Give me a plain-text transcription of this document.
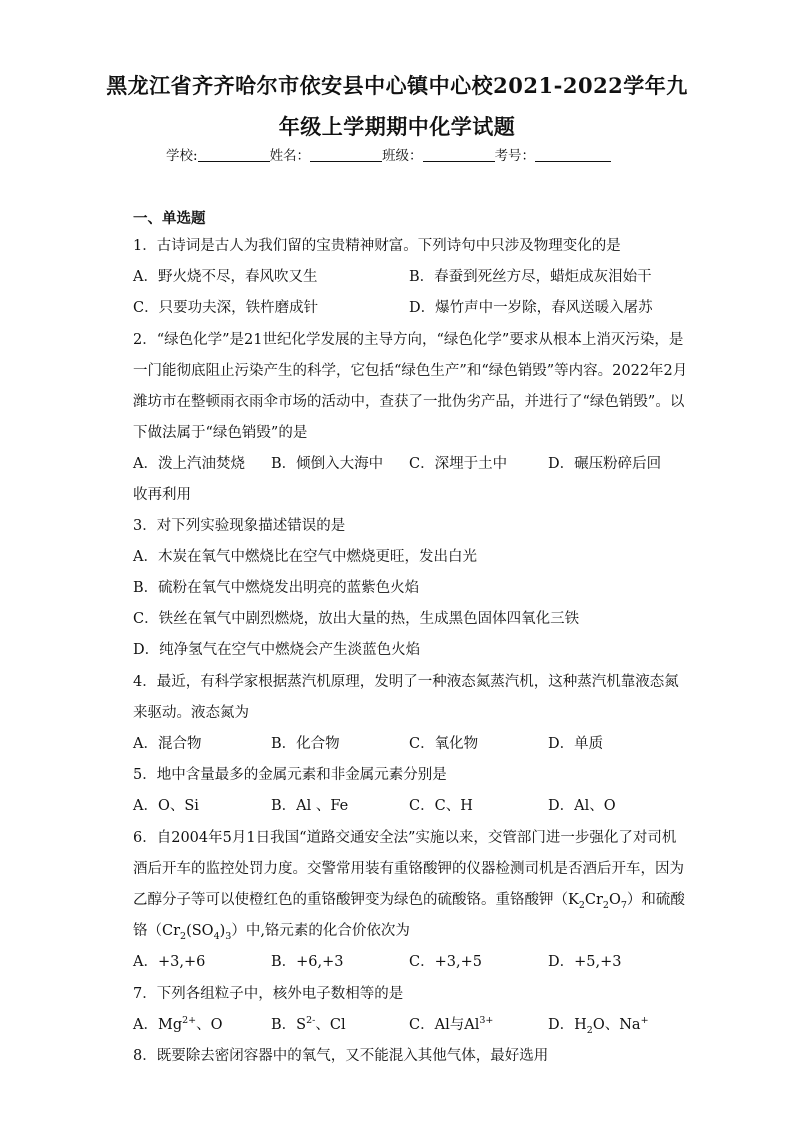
黑龙江省齐齐哈尔市依安县中心镇中心校2021-2022学年九
年级上学期期中化学试题
学校:	姓名：	班级：	考号：
一、单选题
1．古诗词是古人为我们留的宝贵精神财富。下列诗句中只涉及物理变化的是
A．野火烧不尽，春风吹又生	B．春蚕到死丝方尽，蜡炬成灰泪始干
C．只要功夫深，铁杵磨成针	D．爆竹声中一岁除，春风送暖入屠苏
2．“绿色化学”是21世纪化学发展的主导方向，“绿色化学”要求从根本上消灭污染，是
一门能彻底阻止污染产生的科学，它包括“绿色生产”和“绿色销毁”等内容。2022年2月
潍坊市在整顿雨衣雨伞市场的活动中，查获了一批伪劣产品，并进行了“绿色销毁”。以
下做法属于“绿色销毁”的是
A．泼上汽油焚烧 B．倾倒入大海中 C．深埋于土中	D．碾压粉碎后回
收再利用
3．对下列实验现象描述错误的是
A．木炭在氧气中燃烧比在空气中燃烧更旺，发出白光
B．硫粉在氧气中燃烧发出明亮的蓝紫色火焰
C．铁丝在氧气中剧烈燃烧，放出大量的热，生成黑色固体四氧化三铁
D．纯净氢气在空气中燃烧会产生淡蓝色火焰
4．最近，有科学家根据蒸汽机原理，发明了一种液态氮蒸汽机，这种蒸汽机靠液态氮
来驱动。液态氮为
A．混合物	B．化合物	C．氧化物	D．单质
5．地中含量最多的金属元素和非金属元素分别是
A．O、Si	B．Al 、Fe	C．C、H	D．Al、O
6．自2004年5月1日我国“道路交通安全法”实施以来，交管部门进一步强化了对司机
酒后开车的监控处罚力度。交警常用装有重铬酸钾的仪器检测司机是否酒后开车，因为
乙醇分子等可以使橙红色的重铬酸钾变为绿色的硫酸铬。重铬酸钾$(K_2Cr_2O_7)$和硫酸
铬$(Cr_2(SO_4)_3)$中,铬元素的化合价依次为
A．+3,+6	B．+6,+3	C．+3,+5	D．+5,+3
7．下列各组粒子中，核外电子数相等的是
A．$Mg^{2+}$、O	B．$S^{2-}$、Cl	C．Al与$Al^{3+}$	D．$H_2O$、Na+
8．既要除去密闭容器中的氧气，又不能混入其他气体，最好选用
